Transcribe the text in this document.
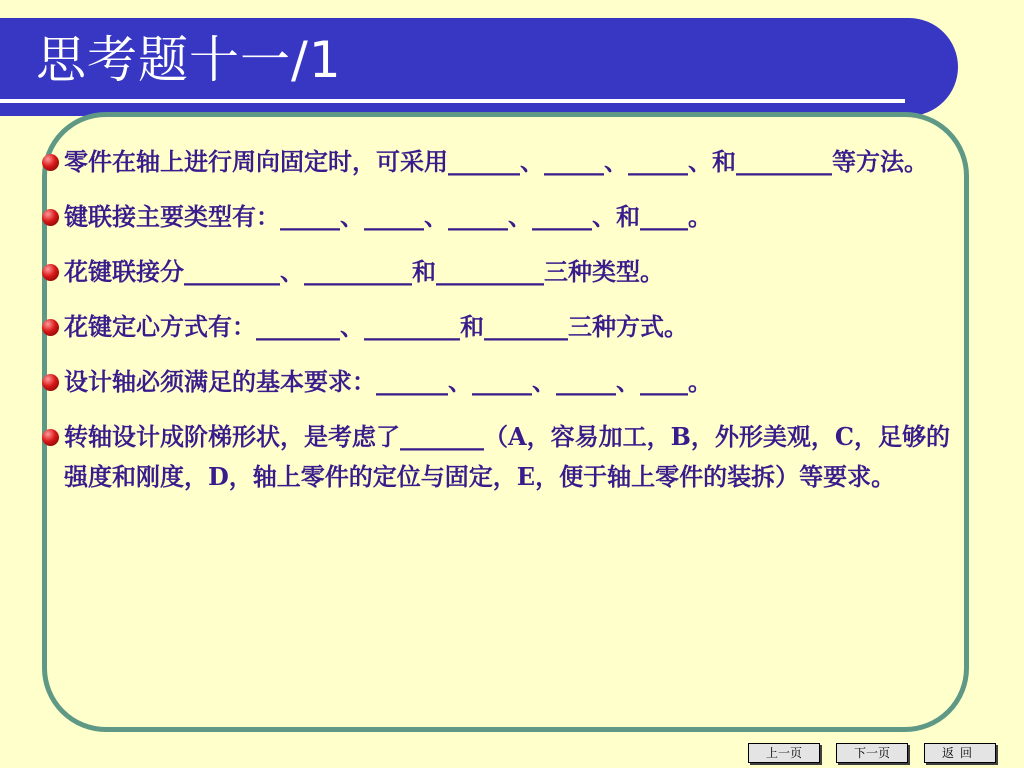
思考题十一/1
零件在轴上进行周向固定时，可采用______、_____、_____、和________等方法。
键联接主要类型有：_____、_____、_____、_____、和____。
花键联接分________、_________和_________三种类型。
花键定心方式有：_______、________和_______三种方式。
设计轴必须满足的基本要求：______、_____、_____、____。
转轴设计成阶梯形状，是考虑了_______（A，容易加工，B，外形美观，C，足够的强度和刚度，D，轴上零件的定位与固定，E，便于轴上零件的装拆）等要求。
上一页	下一页	返回
